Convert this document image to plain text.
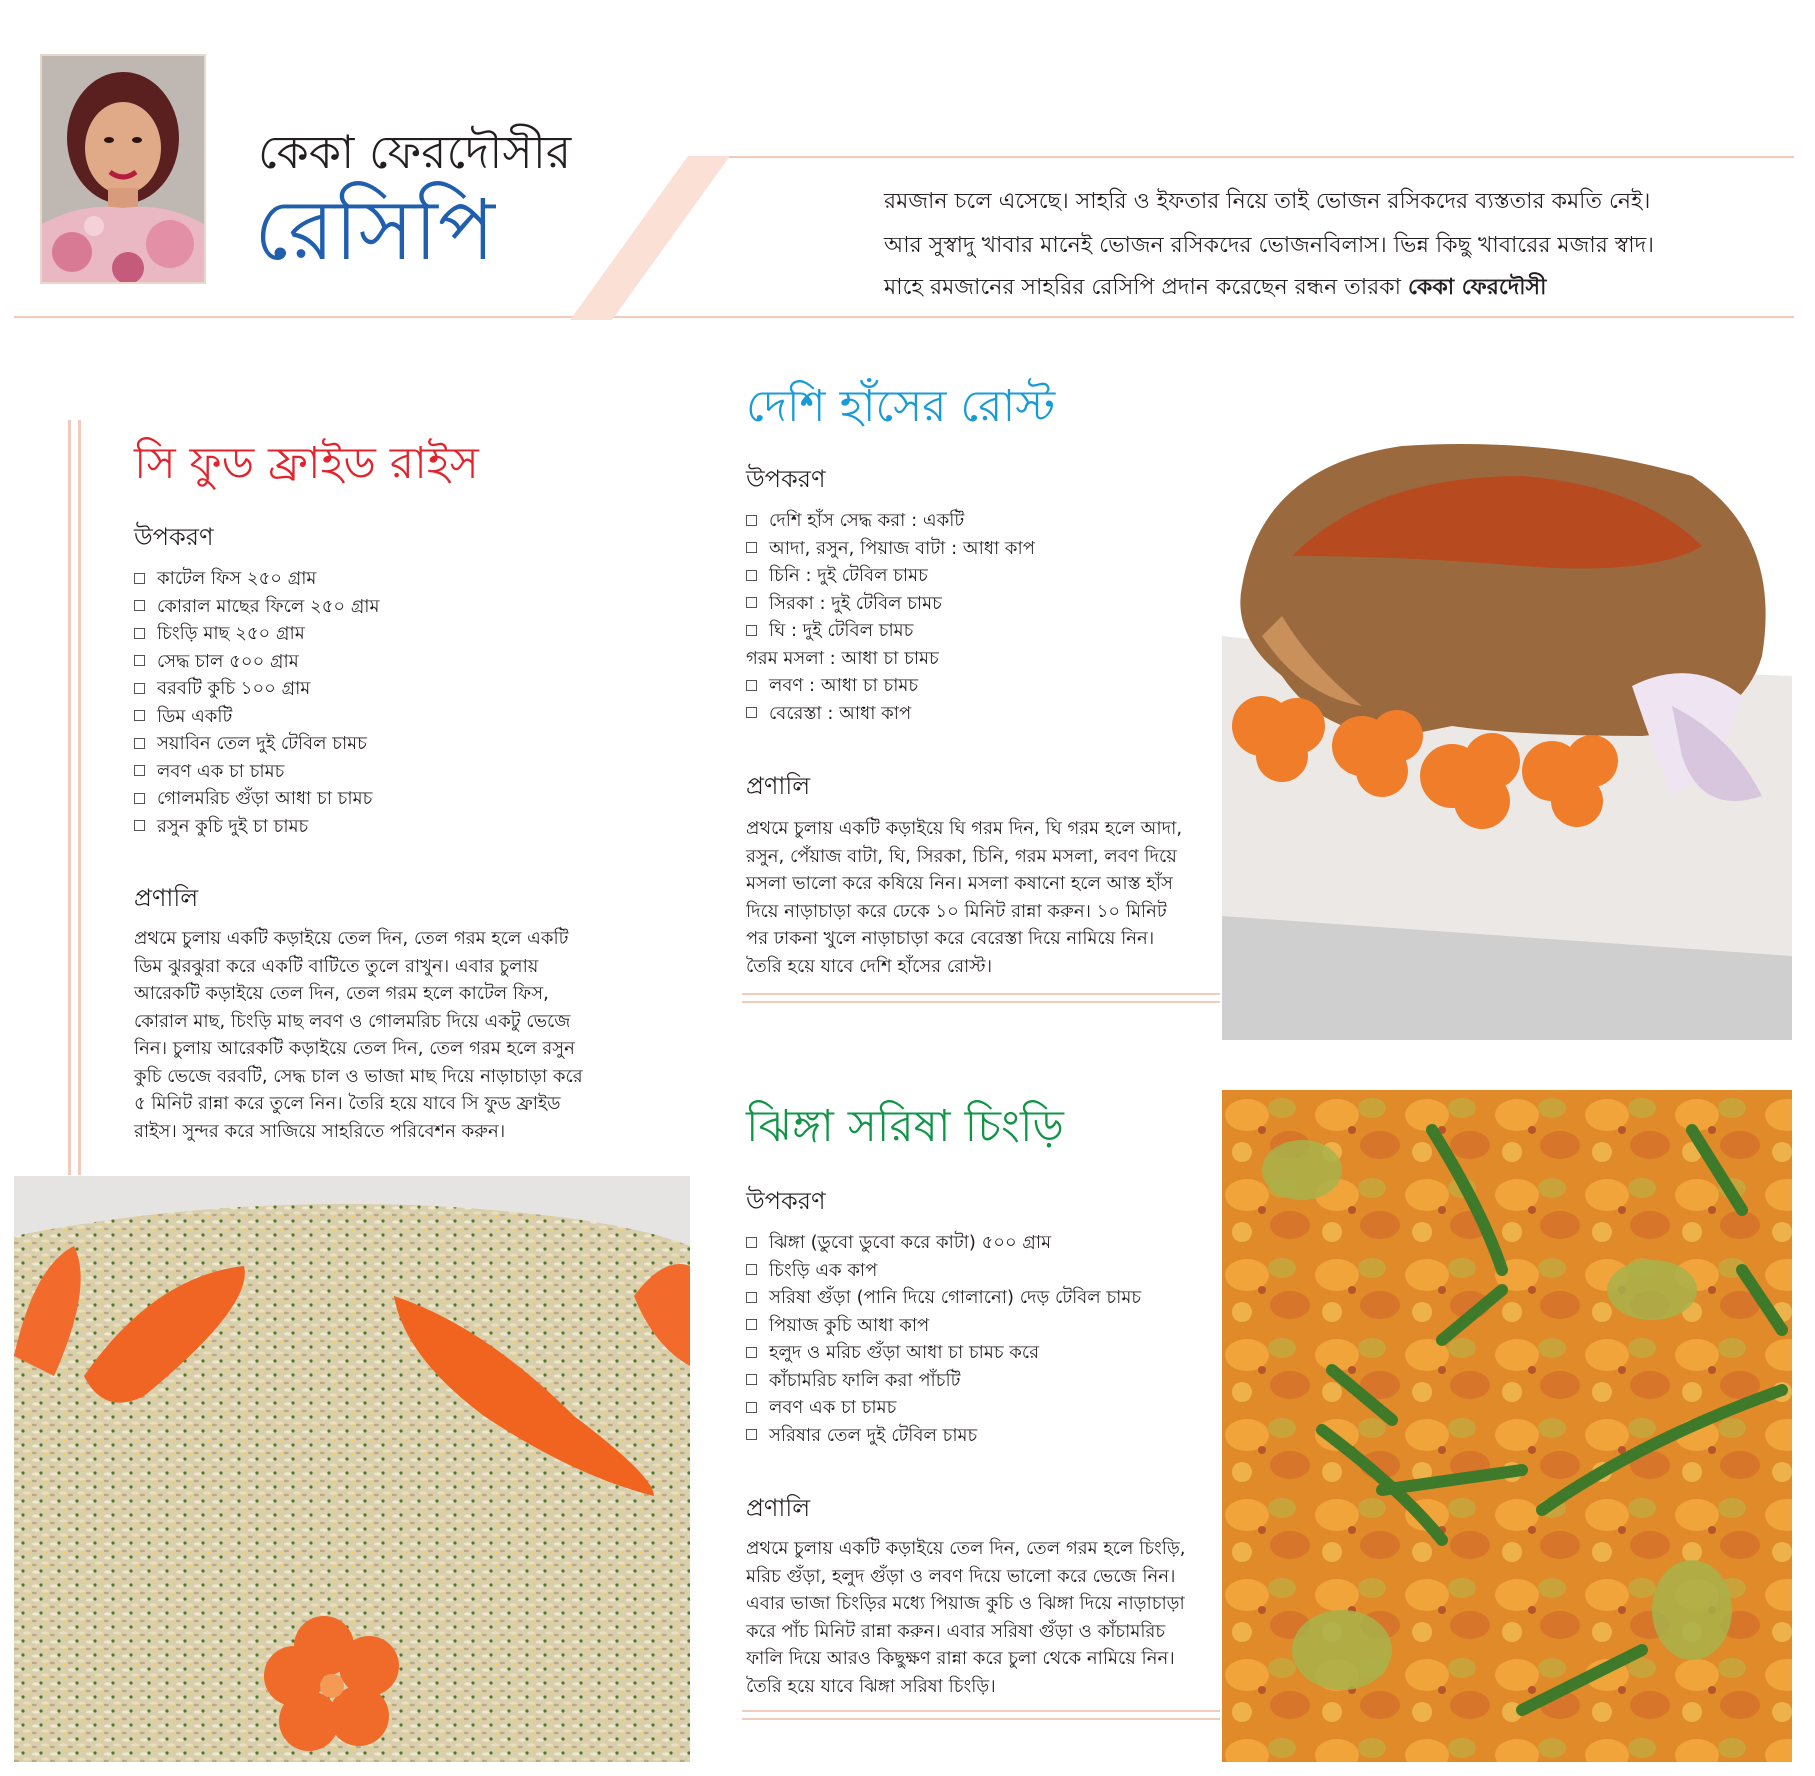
কেকা ফেরদৌসীর
রেসিপি	রমজান চলে এসেছে। সাহরি ও ইফতার নিয়ে তাই ভোজন রসিকদের ব্যস্ততার কমতি নেই।
আর সুস্বাদু খাবার মানেই ভোজন রসিকদের ভোজনবিলাস। ভিন্ন কিছু খাবারের মজার স্বাদ।
মাহে রমজানের সাহরির রেসিপি প্রদান করেছেন রন্ধন তারকা কেকা ফেরদৌসী
সি ফুড ফ্রাইড রাইস
উপকরণ
কাটেল ফিস ২৫০ গ্রাম
কোরাল মাছের ফিলে ২৫০ গ্রাম
চিংড়ি মাছ ২৫০ গ্রাম
সেদ্ধ চাল ৫০০ গ্রাম
বরবটি কুচি ১০০ গ্রাম
ডিম একটি
সয়াবিন তেল দুই টেবিল চামচ
লবণ এক চা চামচ
গোলমরিচ গুঁড়া আধা চা চামচ
রসুন কুচি দুই চা চামচ
প্রণালি

প্রথমে চুলায় একটি কড়াইয়ে তেল দিন, তেল গরম হলে একটি

ডিম ঝুরঝুরা করে একটি বাটিতে তুলে রাখুন। এবার চুলায়

আরেকটি কড়াইয়ে তেল দিন, তেল গরম হলে কাটেল ফিস,

কোরাল মাছ, চিংড়ি মাছ লবণ ও গোলমরিচ দিয়ে একটু ভেজে

নিন। চুলায় আরেকটি কড়াইয়ে তেল দিন, তেল গরম হলে রসুন

কুচি ভেজে বরবটি, সেদ্ধ চাল ও ভাজা মাছ দিয়ে নাড়াচাড়া করে

৫ মিনিট রান্না করে তুলে নিন। তৈরি হয়ে যাবে সি ফুড ফ্রাইড

রাইস। সুন্দর করে সাজিয়ে সাহরিতে পরিবেশন করুন।

দেশি হাঁসের রোস্ট
উপকরণ
দেশি হাঁস সেদ্ধ করা : একটি
আদা, রসুন, পিয়াজ বাটা : আধা কাপ
চিনি : দুই টেবিল চামচ
সিরকা : দুই টেবিল চামচ
ঘি : দুই টেবিল চামচ
গরম মসলা : আধা চা চামচ
লবণ : আধা চা চামচ
বেরেস্তা : আধা কাপ
প্রণালি

প্রথমে চুলায় একটি কড়াইয়ে ঘি গরম দিন, ঘি গরম হলে আদা,

রসুন, পেঁয়াজ বাটা, ঘি, সিরকা, চিনি, গরম মসলা, লবণ দিয়ে

মসলা ভালো করে কষিয়ে নিন। মসলা কষানো হলে আস্ত হাঁস

দিয়ে নাড়াচাড়া করে ঢেকে ১০ মিনিট রান্না করুন। ১০ মিনিট

পর ঢাকনা খুলে নাড়াচাড়া করে বেরেস্তা দিয়ে নামিয়ে নিন।

তৈরি হয়ে যাবে দেশি হাঁসের রোস্ট।

ঝিঙ্গা সরিষা চিংড়ি
উপকরণ
ঝিঙ্গা (ডুবো ডুবো করে কাটা) ৫০০ গ্রাম
চিংড়ি এক কাপ
সরিষা গুঁড়া (পানি দিয়ে গোলানো) দেড় টেবিল চামচ
পিয়াজ কুচি আধা কাপ
হলুদ ও মরিচ গুঁড়া আধা চা চামচ করে
কাঁচামরিচ ফালি করা পাঁচটি
লবণ এক চা চামচ
সরিষার তেল দুই টেবিল চামচ
প্রণালি

প্রথমে চুলায় একটি কড়াইয়ে তেল দিন, তেল গরম হলে চিংড়ি,

মরিচ গুঁড়া, হলুদ গুঁড়া ও লবণ দিয়ে ভালো করে ভেজে নিন।

এবার ভাজা চিংড়ির মধ্যে পিয়াজ কুচি ও ঝিঙ্গা দিয়ে নাড়াচাড়া

করে পাঁচ মিনিট রান্না করুন। এবার সরিষা গুঁড়া ও কাঁচামরিচ

ফালি দিয়ে আরও কিছুক্ষণ রান্না করে চুলা থেকে নামিয়ে নিন।

তৈরি হয়ে যাবে ঝিঙ্গা সরিষা চিংড়ি।
